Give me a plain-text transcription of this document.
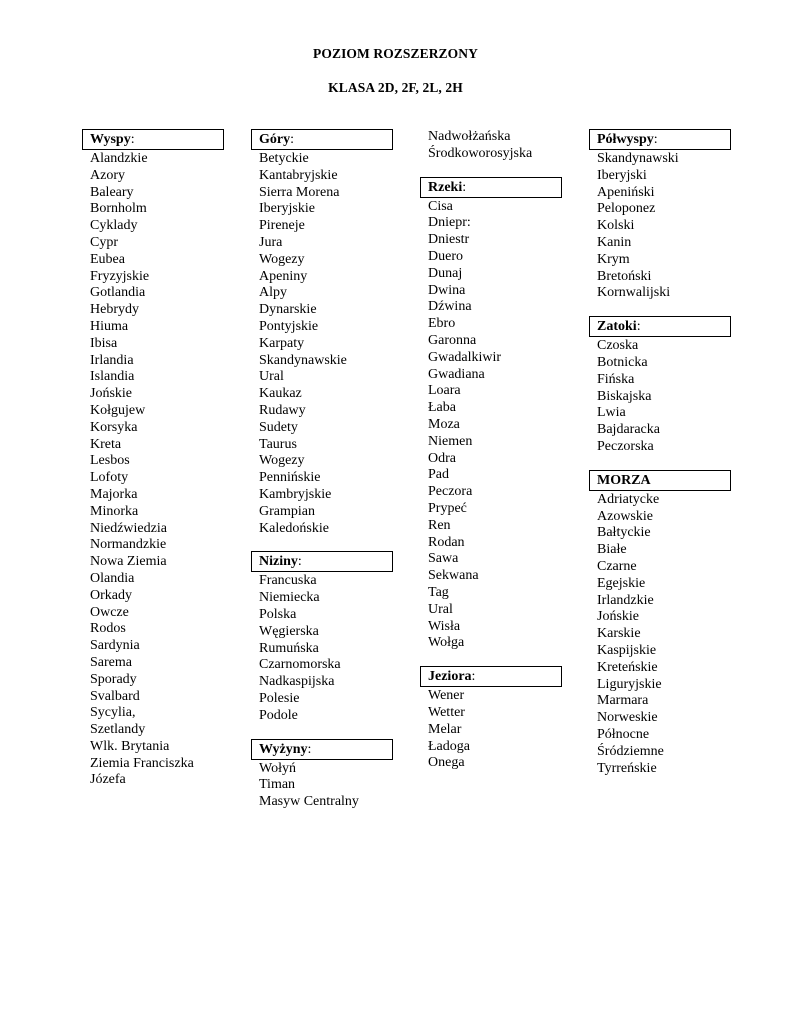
POZIOM ROZSZERZONY
KLASA 2D, 2F, 2L, 2H
Wyspy:
Alandzkie
Azory
Baleary
Bornholm
Cyklady
Cypr
Eubea
Fryzyjskie
Gotlandia
Hebrydy
Hiuma
Ibisa
Irlandia
Islandia
Jońskie
Kołgujew
Korsyka
Kreta
Lesbos
Lofoty
Majorka
Minorka
Niedźwiedzia
Normandzkie
Nowa Ziemia
Olandia
Orkady
Owcze
Rodos
Sardynia
Sarema
Sporady
Svalbard
Sycylia,
Szetlandy
Wlk. Brytania
Ziemia Franciszka
Józefa
Góry:
Betyckie
Kantabryjskie
Sierra Morena
Iberyjskie
Pireneje
Jura
Wogezy
Apeniny
Alpy
Dynarskie
Pontyjskie
Karpaty
Skandynawskie
Ural
Kaukaz
Rudawy
Sudety
Taurus
Wogezy
Pennińskie
Kambryjskie
Grampian
Kaledońskie
Niziny:
Francuska
Niemiecka
Polska
Węgierska
Rumuńska
Czarnomorska
Nadkaspijska
Polesie
Podole
Wyżyny:
Wołyń
Timan
Masyw Centralny
Nadwołżańska
Środkoworosyjska
Rzeki:
Cisa
Dniepr:
Dniestr
Duero
Dunaj
Dwina
Dźwina
Ebro
Garonna
Gwadalkiwir
Gwadiana
Loara
Łaba
Moza
Niemen
Odra
Pad
Peczora
Prypeć
Ren
Rodan
Sawa
Sekwana
Tag
Ural
Wisła
Wołga
Jeziora:
Wener
Wetter
Melar
Ładoga
Onega
Półwyspy:
Skandynawski
Iberyjski
Apeniński
Peloponez
Kolski
Kanin
Krym
Bretoński
Kornwalijski
Zatoki:
Czoska
Botnicka
Fińska
Biskajska
Lwia
Bajdaracka
Peczorska
MORZA
Adriatycke
Azowskie
Bałtyckie
Białe
Czarne
Egejskie
Irlandzkie
Jońskie
Karskie
Kaspijskie
Kreteńskie
Liguryjskie
Marmara
Norweskie
Północne
Śródziemne
Tyrreńskie
